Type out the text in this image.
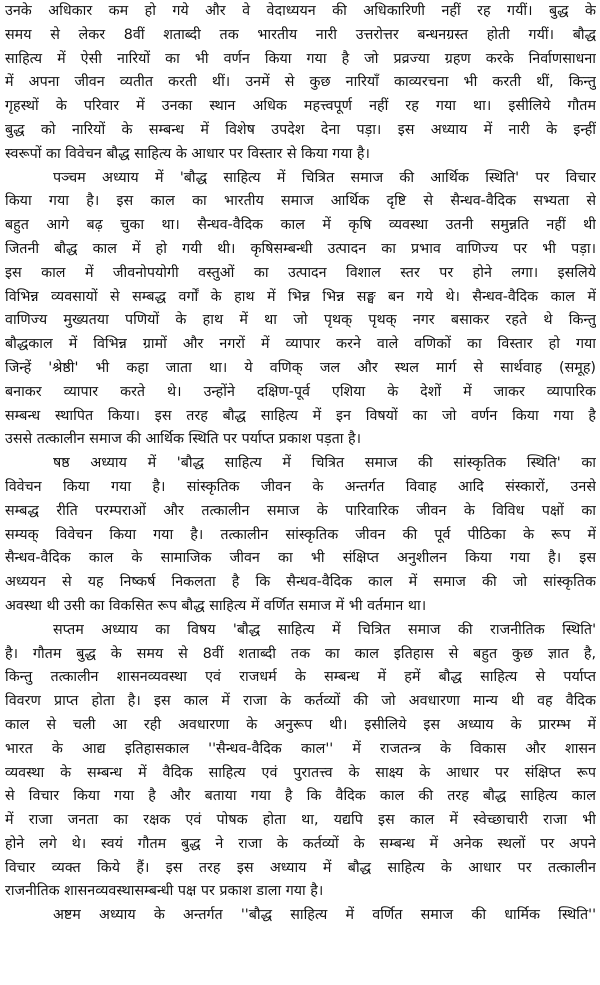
उनके अधिकार कम हो गये और वे वेदाध्ययन की अधिकारिणी नहीं रह गयीं। बुद्ध के
समय से लेकर 8वीं शताब्दी तक भारतीय नारी उत्तरोत्तर बन्धनग्रस्त होती गयीं। बौद्ध
साहित्य में ऐसी नारियों का भी वर्णन किया गया है जो प्रव्रज्या ग्रहण करके निर्वाणसाधना
में अपना जीवन व्यतीत करती थीं। उनमें से कुछ नारियाँ काव्यरचना भी करती थीं, किन्तु
गृहस्थों के परिवार में उनका स्थान अधिक महत्त्वपूर्ण नहीं रह गया था। इसीलिये गौतम
बुद्ध को नारियों के सम्बन्ध में विशेष उपदेश देना पड़ा। इस अध्याय में नारी के इन्हीं
स्वरूपों का विवेचन बौद्ध साहित्य के आधार पर विस्तार से किया गया है।
पञ्चम अध्याय में 'बौद्ध साहित्य में चित्रित समाज की आर्थिक स्थिति' पर विचार
किया गया है। इस काल का भारतीय समाज आर्थिक दृष्टि से सैन्धव-वैदिक सभ्यता से
बहुत आगे बढ़ चुका था। सैन्धव-वैदिक काल में कृषि व्यवस्था उतनी समुन्नति नहीं थी
जितनी बौद्ध काल में हो गयी थी। कृषिसम्बन्धी उत्पादन का प्रभाव वाणिज्य पर भी पड़ा।
इस काल में जीवनोपयोगी वस्तुओं का उत्पादन विशाल स्तर पर होने लगा। इसलिये
विभिन्न व्यवसायों से सम्बद्ध वर्गों के हाथ में भिन्न भिन्न सङ्घ बन गये थे। सैन्धव-वैदिक काल में
वाणिज्य मुख्यतया पणियों के हाथ में था जो पृथक् पृथक् नगर बसाकर रहते थे किन्तु
बौद्धकाल में विभिन्न ग्रामों और नगरों में व्यापार करने वाले वणिकों का विस्तार हो गया
जिन्हें 'श्रेष्ठी' भी कहा जाता था। ये वणिक् जल और स्थल मार्ग से सार्थवाह (समूह)
बनाकर व्यापार करते थे। उन्होंने दक्षिण-पूर्व एशिया के देशों में जाकर व्यापारिक
सम्बन्ध स्थापित किया। इस तरह बौद्ध साहित्य में इन विषयों का जो वर्णन किया गया है
उससे तत्कालीन समाज की आर्थिक स्थिति पर पर्याप्त प्रकाश पड़ता है।
षष्ठ अध्याय में 'बौद्ध साहित्य में चित्रित समाज की सांस्कृतिक स्थिति' का
विवेचन किया गया है। सांस्कृतिक जीवन के अन्तर्गत विवाह आदि संस्कारों, उनसे
सम्बद्ध रीति परम्पराओं और तत्कालीन समाज के पारिवारिक जीवन के विविध पक्षों का
सम्यक् विवेचन किया गया है। तत्कालीन सांस्कृतिक जीवन की पूर्व पीठिका के रूप में
सैन्धव-वैदिक काल के सामाजिक जीवन का भी संक्षिप्त अनुशीलन किया गया है। इस
अध्ययन से यह निष्कर्ष निकलता है कि सैन्धव-वैदिक काल में समाज की जो सांस्कृतिक
अवस्था थी उसी का विकसित रूप बौद्ध साहित्य में वर्णित समाज में भी वर्तमान था।
सप्तम अध्याय का विषय 'बौद्ध साहित्य में चित्रित समाज की राजनीतिक स्थिति'
है। गौतम बुद्ध के समय से 8वीं शताब्दी तक का काल इतिहास से बहुत कुछ ज्ञात है,
किन्तु तत्कालीन शासनव्यवस्था एवं राजधर्म के सम्बन्ध में हमें बौद्ध साहित्य से पर्याप्त
विवरण प्राप्त होता है। इस काल में राजा के कर्तव्यों की जो अवधारणा मान्य थी वह वैदिक
काल से चली आ रही अवधारणा के अनुरूप थी। इसीलिये इस अध्याय के प्रारम्भ में
भारत के आद्य इतिहासकाल ''सैन्धव-वैदिक काल'' में राजतन्त्र के विकास और शासन
व्यवस्था के सम्बन्ध में वैदिक साहित्य एवं पुरातत्त्व के साक्ष्य के आधार पर संक्षिप्त रूप
से विचार किया गया है और बताया गया है कि वैदिक काल की तरह बौद्ध साहित्य काल
में राजा जनता का रक्षक एवं पोषक होता था, यद्यपि इस काल में स्वेच्छाचारी राजा भी
होने लगे थे। स्वयं गौतम बुद्ध ने राजा के कर्तव्यों के सम्बन्ध में अनेक स्थलों पर अपने
विचार व्यक्त किये हैं। इस तरह इस अध्याय में बौद्ध साहित्य के आधार पर तत्कालीन
राजनीतिक शासनव्यवस्थासम्बन्धी पक्ष पर प्रकाश डाला गया है।
अष्टम अध्याय के अन्तर्गत ''बौद्ध साहित्य में वर्णित समाज की धार्मिक स्थिति''
